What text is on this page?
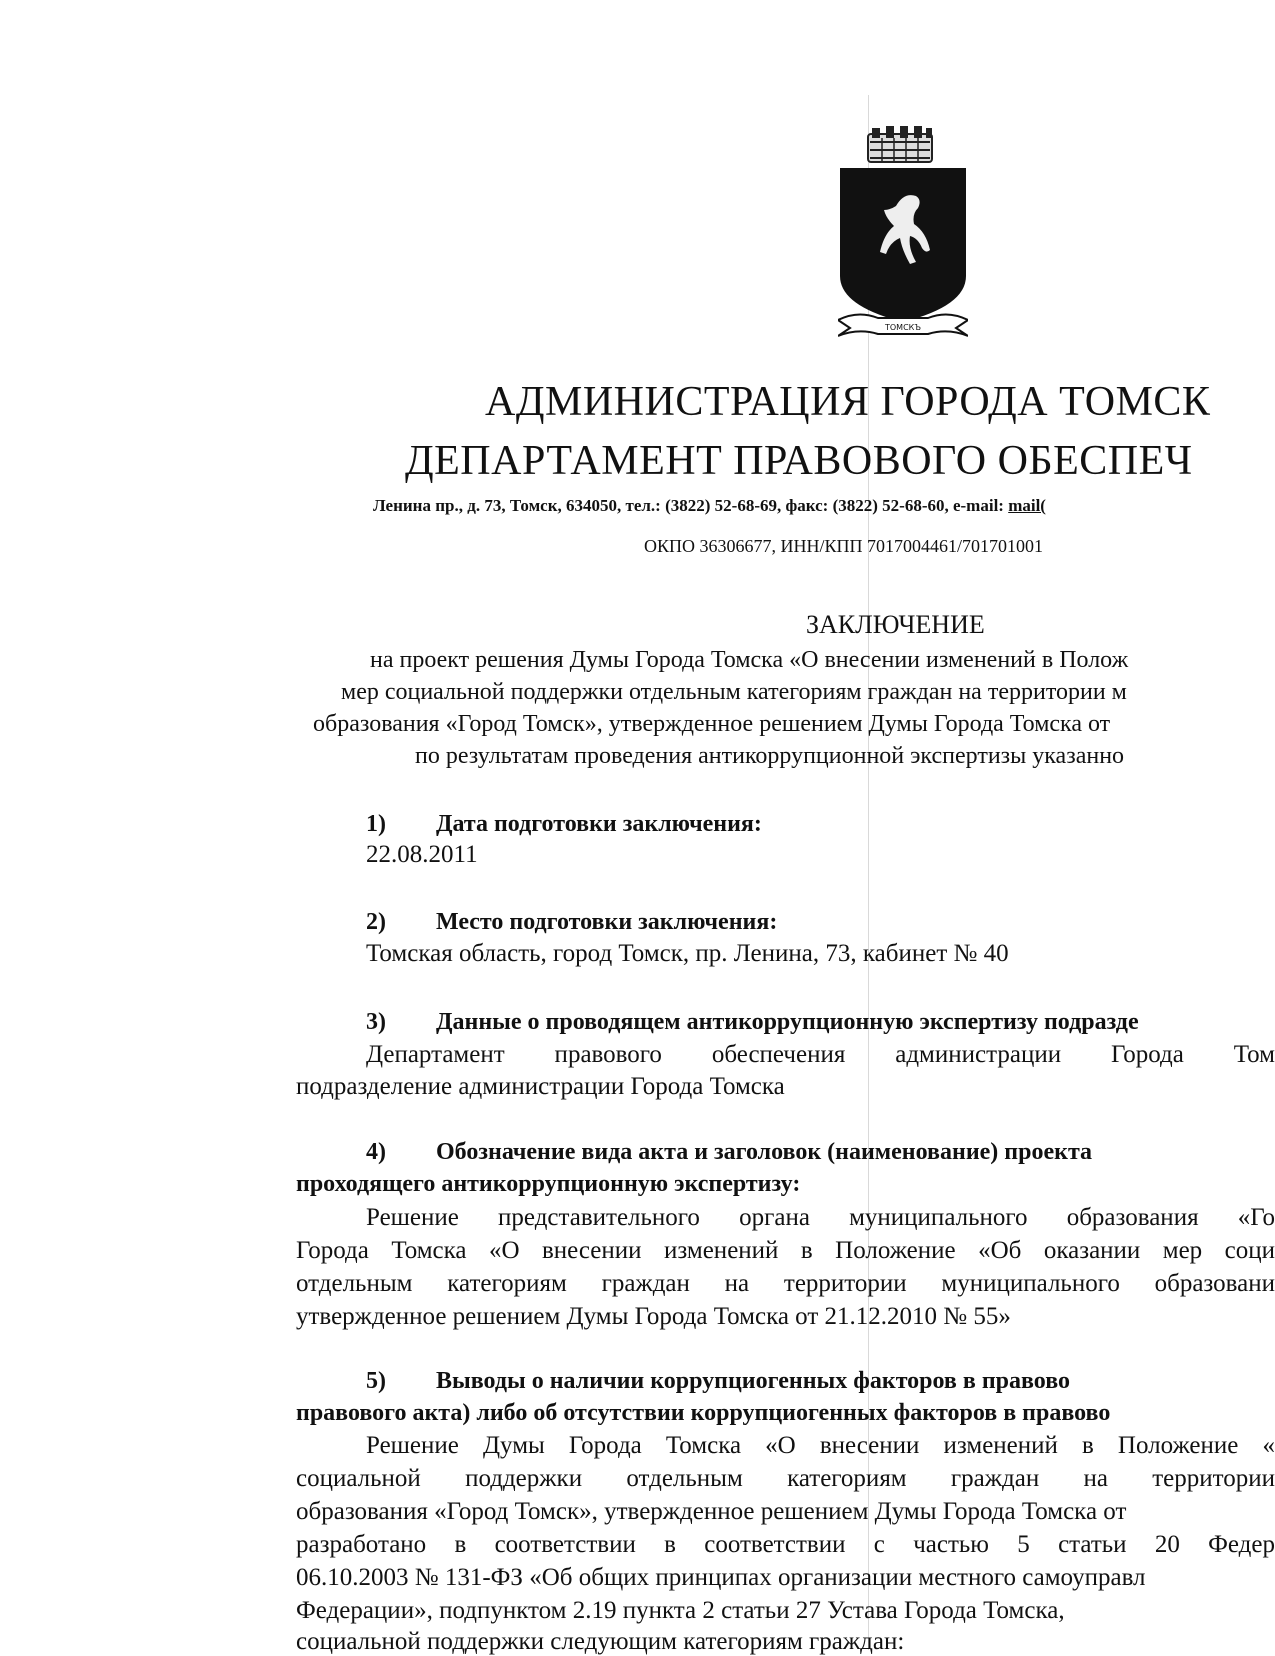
ТОМСКЪ
АДМИНИСТРАЦИЯ ГОРОДА ТОМСК
ДЕПАРТАМЕНТ ПРАВОВОГО ОБЕСПЕЧ
Ленина пр., д. 73, Томск, 634050, тел.: (3822) 52-68-69, факс: (3822) 52-68-60, e-mail: mail(
ОКПО 36306677, ИНН/КПП 7017004461/701701001
ЗАКЛЮЧЕНИЕ
на проект решения Думы Города Томска «О внесении изменений в Полож
мер социальной поддержки отдельным категориям граждан на территории м
образования «Город Томск», утвержденное решением Думы Города Томска от
по результатам проведения антикоррупционной экспертизы указанно
1) Дата подготовки заключения:
22.08.2011
2) Место подготовки заключения:
Томская область, город Томск, пр. Ленина, 73, кабинет № 40
3) Данные о проводящем антикоррупционную экспертизу подразде
Департамент правового обеспечения администрации Города Том
подразделение администрации Города Томска
4) Обозначение вида акта и заголовок (наименование) проекта
проходящего антикоррупционную экспертизу:
Решение представительного органа муниципального образования «Го
Города Томска «О внесении изменений в Положение «Об оказании мер соци
отдельным категориям граждан на территории муниципального образовани
утвержденное решением Думы Города Томска от 21.12.2010 № 55»
5) Выводы о наличии коррупциогенных факторов в правово
правового акта) либо об отсутствии коррупциогенных факторов в правово
Решение Думы Города Томска «О внесении изменений в Положение «
социальной поддержки отдельным категориям граждан на территории
образования «Город Томск», утвержденное решением Думы Города Томска от
разработано в соответствии в соответствии с частью 5 статьи 20 Федер
06.10.2003 № 131-ФЗ «Об общих принципах организации местного самоуправл
Федерации», подпунктом 2.19 пункта 2 статьи 27 Устава Города Томска,
социальной поддержки следующим категориям граждан:
